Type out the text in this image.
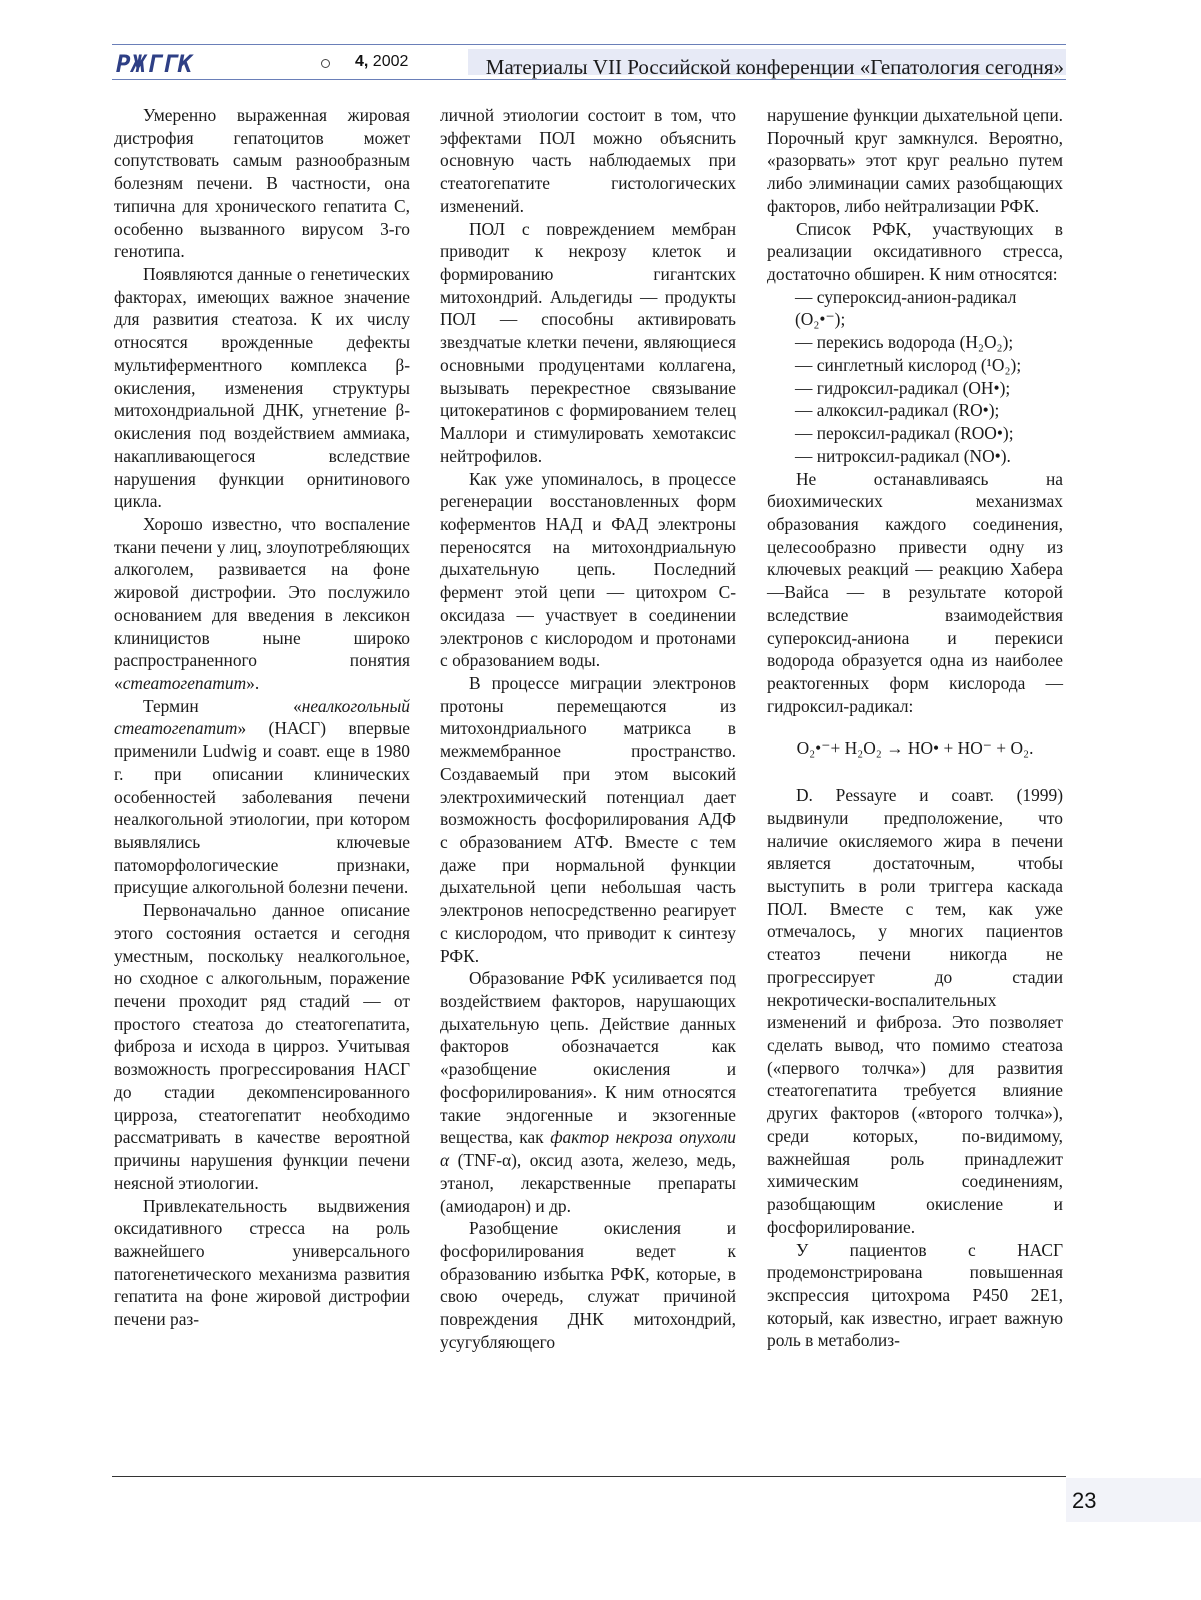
РЖГГК	4, 2002	Материалы VII Российской конференции «Гепатология сегодня»

Умеренно выраженная жировая дистрофия гепатоцитов может сопутствовать самым разнообразным болезням печени. В частности, она типична для хронического гепатита С, особенно вызванного вирусом 3-го генотипа.

Появляются данные о генетических факторах, имеющих важное значение для развития стеатоза. К их числу относятся врожденные дефекты мультиферментного комплекса β-окисления, изменения структуры митохондриальной ДНК, угнетение β-окисления под воздействием аммиака, накапливающегося вследствие нарушения функции орнитинового цикла.

Хорошо известно, что воспаление ткани печени у лиц, злоупотребляющих алкоголем, развивается на фоне жировой дистрофии. Это послужило основанием для введения в лексикон клиницистов ныне широко распространенного понятия «стеатогепатит».

Термин «неалкогольный стеатогепатит» (НАСГ) впервые применили Ludwig и соавт. еще в 1980 г. при описании клинических особенностей заболевания печени неалкогольной этиологии, при котором выявлялись ключевые патоморфологические признаки, присущие алкогольной болезни печени.

Первоначально данное описание этого состояния остается и сегодня уместным, поскольку неалкогольное, но сходное с алкогольным, поражение печени проходит ряд стадий — от простого стеатоза до стеатогепатита, фиброза и исхода в цирроз. Учитывая возможность прогрессирования НАСГ до стадии декомпенсированного цирроза, стеатогепатит необходимо рассматривать в качестве вероятной причины нарушения функции печени неясной этиологии.

Привлекательность выдвижения оксидативного стресса на роль важнейшего универсального патогенетического механизма развития гепатита на фоне жировой дистрофии печени раз-

личной этиологии состоит в том, что эффектами ПОЛ можно объяснить основную часть наблюдаемых при стеатогепатите гистологических изменений.

ПОЛ с повреждением мембран приводит к некрозу клеток и формированию гигантских митохондрий. Альдегиды — продукты ПОЛ — способны активировать звездчатые клетки печени, являющиеся основными продуцентами коллагена, вызывать перекрестное связывание цитокератинов с формированием телец Маллори и стимулировать хемотаксис нейтрофилов.

Как уже упоминалось, в процессе регенерации восстановленных форм коферментов НАД и ФАД электроны переносятся на митохондриальную дыхательную цепь. Последний фермент этой цепи — цитохром С-оксидаза — участвует в соединении электронов с кислородом и протонами с образованием воды.

В процессе миграции электронов протоны перемещаются из митохондриального матрикса в межмембранное пространство. Создаваемый при этом высокий электрохимический потенциал дает возможность фосфорилирования АДФ с образованием АТФ. Вместе с тем даже при нормальной функции дыхательной цепи небольшая часть электронов непосредственно реагирует с кислородом, что приводит к синтезу РФК.

Образование РФК усиливается под воздействием факторов, нарушающих дыхательную цепь. Действие данных факторов обозначается как «разобщение окисления и фосфорилирования». К ним относятся такие эндогенные и экзогенные вещества, как фактор некроза опухоли α (TNF-α), оксид азота, железо, медь, этанол, лекарственные препараты (амиодарон) и др.

Разобщение окисления и фосфорилирования ведет к образованию избытка РФК, которые, в свою очередь, служат причиной повреждения ДНК митохондрий, усугубляющего

нарушение функции дыхательной цепи. Порочный круг замкнулся. Вероятно, «разорвать» этот круг реально путем либо элиминации самих разобщающих факторов, либо нейтрализации РФК.

Список РФК, участвующих в реализации оксидативного стресса, достаточно обширен. К ним относятся:

— супероксид-анион-радикал (O₂•⁻);

— перекись водорода (H₂O₂);

— синглетный кислород (¹O₂);

— гидроксил-радикал (OH•);

— алкоксил-радикал (RO•);

— пероксил-радикал (ROO•);

— нитроксил-радикал (NO•).

Не останавливаясь на биохимических механизмах образования каждого соединения, целесообразно привести одну из ключевых реакций — реакцию Хабера—Вайса — в результате которой вследствие взаимодействия супероксид-аниона и перекиси водорода образуется одна из наиболее реактогенных форм кислорода — гидроксил-радикал:

O₂•⁻+ H₂O₂ → HO• + HO⁻ + O₂.

D. Pessayre и соавт. (1999) выдвинули предположение, что наличие окисляемого жира в печени является достаточным, чтобы выступить в роли триггера каскада ПОЛ. Вместе с тем, как уже отмечалось, у многих пациентов стеатоз печени никогда не прогрессирует до стадии некротически-воспалительных изменений и фиброза. Это позволяет сделать вывод, что помимо стеатоза («первого толчка») для развития стеатогепатита требуется влияние других факторов («второго толчка»), среди которых, по-видимому, важнейшая роль принадлежит химическим соединениям, разобщающим окисление и фосфорилирование.

У пациентов с НАСГ продемонстрирована повышенная экспрессия цитохрома P450 2E1, который, как известно, играет важную роль в метаболиз-

23
